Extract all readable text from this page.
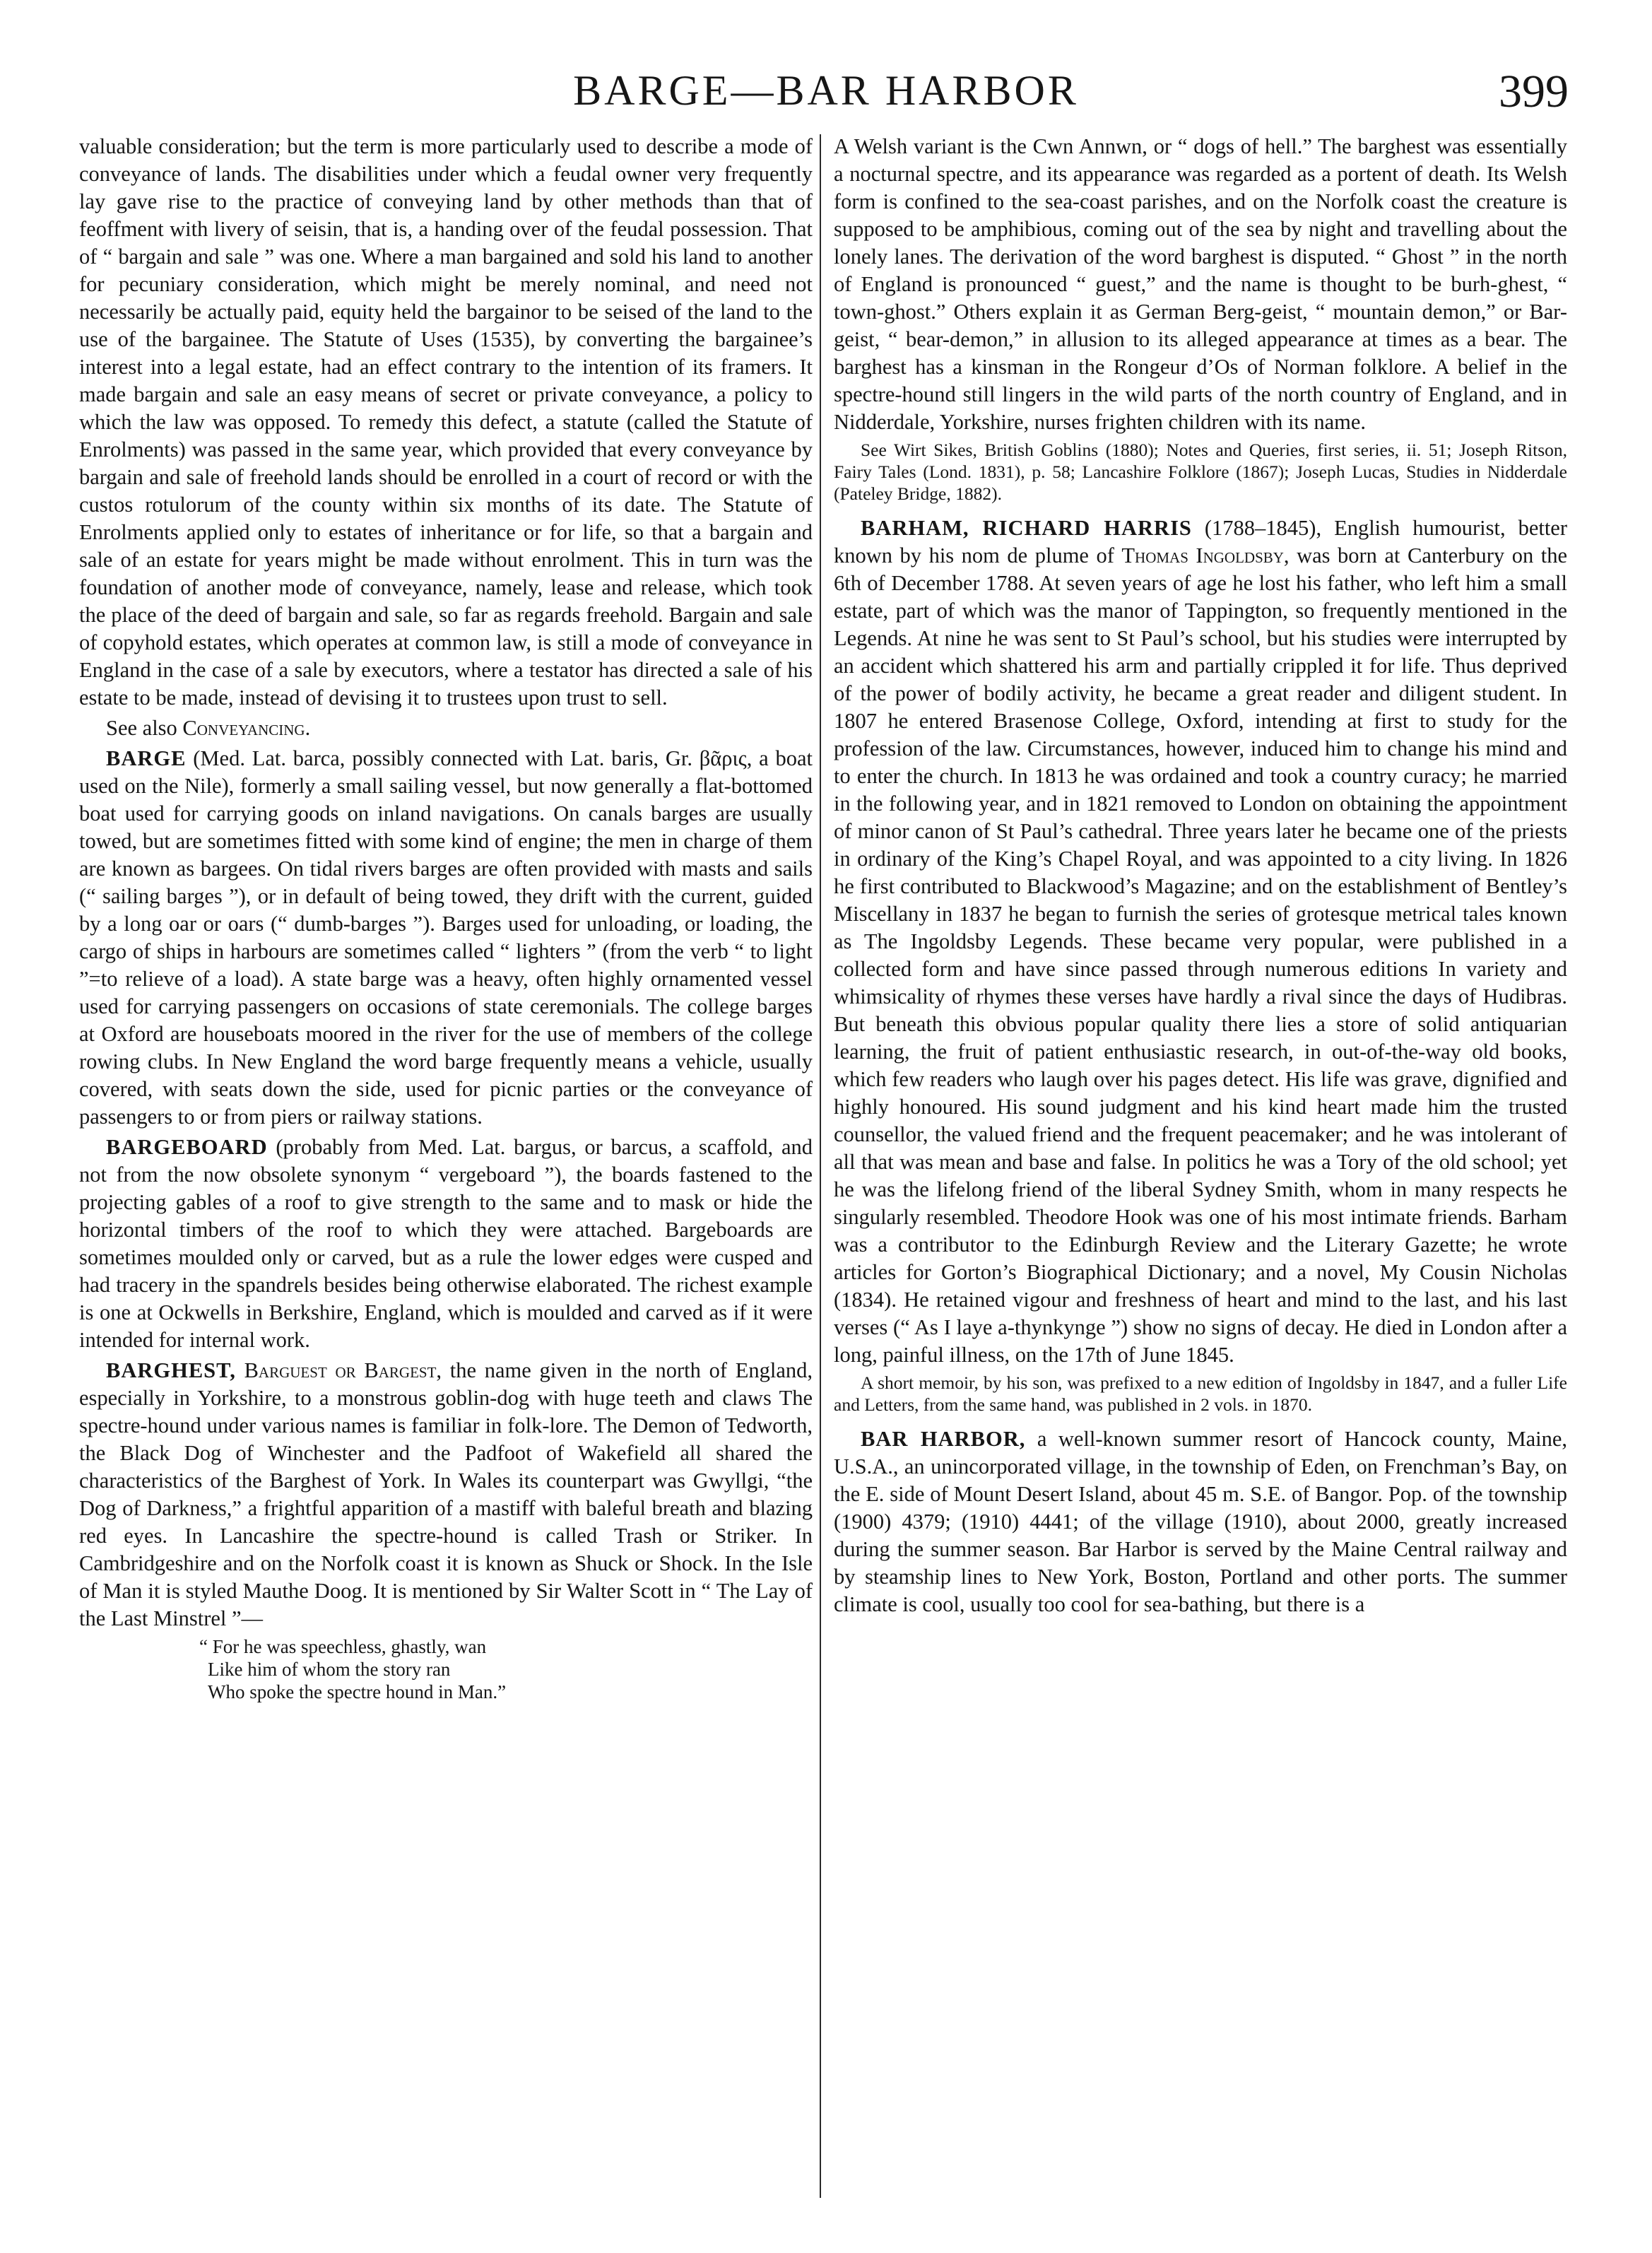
BARGE—BAR HARBOR	399

valuable consideration; but the term is more particularly used to describe a mode of conveyance of lands. The disabilities under which a feudal owner very frequently lay gave rise to the practice of conveying land by other methods than that of feoffment with livery of seisin, that is, a handing over of the feudal possession. That of “ bargain and sale ” was one. Where a man bargained and sold his land to another for pecuniary consideration, which might be merely nominal, and need not necessarily be actually paid, equity held the bargainor to be seised of the land to the use of the bargainee. The Statute of Uses (1535), by converting the bargainee’s interest into a legal estate, had an effect contrary to the intention of its framers. It made bargain and sale an easy means of secret or private conveyance, a policy to which the law was opposed. To remedy this defect, a statute (called the Statute of Enrolments) was passed in the same year, which provided that every conveyance by bargain and sale of freehold lands should be enrolled in a court of record or with the custos rotulorum of the county within six months of its date. The Statute of Enrolments applied only to estates of inheritance or for life, so that a bargain and sale of an estate for years might be made without enrolment. This in turn was the foundation of another mode of conveyance, namely, lease and release, which took the place of the deed of bargain and sale, so far as regards freehold. Bargain and sale of copyhold estates, which operates at common law, is still a mode of conveyance in England in the case of a sale by executors, where a testator has directed a sale of his estate to be made, instead of devising it to trustees upon trust to sell.

See also Conveyancing.

BARGE (Med. Lat. barca, possibly connected with Lat. baris, Gr. βᾶρις, a boat used on the Nile), formerly a small sailing vessel, but now generally a flat-bottomed boat used for carrying goods on inland navigations. On canals barges are usually towed, but are sometimes fitted with some kind of engine; the men in charge of them are known as bargees. On tidal rivers barges are often provided with masts and sails (“ sailing barges ”), or in default of being towed, they drift with the current, guided by a long oar or oars (“ dumb-barges ”). Barges used for unloading, or loading, the cargo of ships in harbours are sometimes called “ lighters ” (from the verb “ to light ”=to relieve of a load). A state barge was a heavy, often highly ornamented vessel used for carrying passengers on occasions of state ceremonials. The college barges at Oxford are houseboats moored in the river for the use of members of the college rowing clubs. In New England the word barge frequently means a vehicle, usually covered, with seats down the side, used for picnic parties or the conveyance of passengers to or from piers or railway stations.

BARGEBOARD (probably from Med. Lat. bargus, or barcus, a scaffold, and not from the now obsolete synonym “ vergeboard ”), the boards fastened to the projecting gables of a roof to give strength to the same and to mask or hide the horizontal timbers of the roof to which they were attached. Bargeboards are sometimes moulded only or carved, but as a rule the lower edges were cusped and had tracery in the spandrels besides being otherwise elaborated. The richest example is one at Ockwells in Berkshire, England, which is moulded and carved as if it were intended for internal work.

BARGHEST, Barguest or Bargest, the name given in the north of England, especially in Yorkshire, to a monstrous goblin-dog with huge teeth and claws The spectre-hound under various names is familiar in folk-lore. The Demon of Tedworth, the Black Dog of Winchester and the Padfoot of Wakefield all shared the characteristics of the Barghest of York. In Wales its counterpart was Gwyllgi, “the Dog of Darkness,” a frightful apparition of a mastiff with baleful breath and blazing red eyes. In Lancashire the spectre-hound is called Trash or Striker. In Cambridgeshire and on the Norfolk coast it is known as Shuck or Shock. In the Isle of Man it is styled Mauthe Doog. It is mentioned by Sir Walter Scott in “ The Lay of the Last Minstrel ”—

“ For he was speechless, ghastly, wan
Like him of whom the story ran
Who spoke the spectre hound in Man.”

A Welsh variant is the Cwn Annwn, or “ dogs of hell.” The barghest was essentially a nocturnal spectre, and its appearance was regarded as a portent of death. Its Welsh form is confined to the sea-coast parishes, and on the Norfolk coast the creature is supposed to be amphibious, coming out of the sea by night and travelling about the lonely lanes. The derivation of the word barghest is disputed. “ Ghost ” in the north of England is pronounced “ guest,” and the name is thought to be burh-ghest, “ town-ghost.” Others explain it as German Berg-geist, “ mountain demon,” or Bar-geist, “ bear-demon,” in allusion to its alleged appearance at times as a bear. The barghest has a kinsman in the Rongeur d’Os of Norman folklore. A belief in the spectre-hound still lingers in the wild parts of the north country of England, and in Nidderdale, Yorkshire, nurses frighten children with its name.

See Wirt Sikes, British Goblins (1880); Notes and Queries, first series, ii. 51; Joseph Ritson, Fairy Tales (Lond. 1831), p. 58; Lancashire Folklore (1867); Joseph Lucas, Studies in Nidderdale (Pateley Bridge, 1882).

BARHAM, RICHARD HARRIS (1788–1845), English humourist, better known by his nom de plume of Thomas Ingoldsby, was born at Canterbury on the 6th of December 1788. At seven years of age he lost his father, who left him a small estate, part of which was the manor of Tappington, so frequently mentioned in the Legends. At nine he was sent to St Paul’s school, but his studies were interrupted by an accident which shattered his arm and partially crippled it for life. Thus deprived of the power of bodily activity, he became a great reader and diligent student. In 1807 he entered Brasenose College, Oxford, intending at first to study for the profession of the law. Circumstances, however, induced him to change his mind and to enter the church. In 1813 he was ordained and took a country curacy; he married in the following year, and in 1821 removed to London on obtaining the appointment of minor canon of St Paul’s cathedral. Three years later he became one of the priests in ordinary of the King’s Chapel Royal, and was appointed to a city living. In 1826 he first contributed to Blackwood’s Magazine; and on the establishment of Bentley’s Miscellany in 1837 he began to furnish the series of grotesque metrical tales known as The Ingoldsby Legends. These became very popular, were published in a collected form and have since passed through numerous editions In variety and whimsicality of rhymes these verses have hardly a rival since the days of Hudibras. But beneath this obvious popular quality there lies a store of solid antiquarian learning, the fruit of patient enthusiastic research, in out-of-the-way old books, which few readers who laugh over his pages detect. His life was grave, dignified and highly honoured. His sound judgment and his kind heart made him the trusted counsellor, the valued friend and the frequent peacemaker; and he was intolerant of all that was mean and base and false. In politics he was a Tory of the old school; yet he was the lifelong friend of the liberal Sydney Smith, whom in many respects he singularly resembled. Theodore Hook was one of his most intimate friends. Barham was a contributor to the Edinburgh Review and the Literary Gazette; he wrote articles for Gorton’s Biographical Dictionary; and a novel, My Cousin Nicholas (1834). He retained vigour and freshness of heart and mind to the last, and his last verses (“ As I laye a-thynkynge ”) show no signs of decay. He died in London after a long, painful illness, on the 17th of June 1845.

A short memoir, by his son, was prefixed to a new edition of Ingoldsby in 1847, and a fuller Life and Letters, from the same hand, was published in 2 vols. in 1870.

BAR HARBOR, a well-known summer resort of Hancock county, Maine, U.S.A., an unincorporated village, in the township of Eden, on Frenchman’s Bay, on the E. side of Mount Desert Island, about 45 m. S.E. of Bangor. Pop. of the township (1900) 4379; (1910) 4441; of the village (1910), about 2000, greatly increased during the summer season. Bar Harbor is served by the Maine Central railway and by steamship lines to New York, Boston, Portland and other ports. The summer climate is cool, usually too cool for sea-bathing, but there is a
